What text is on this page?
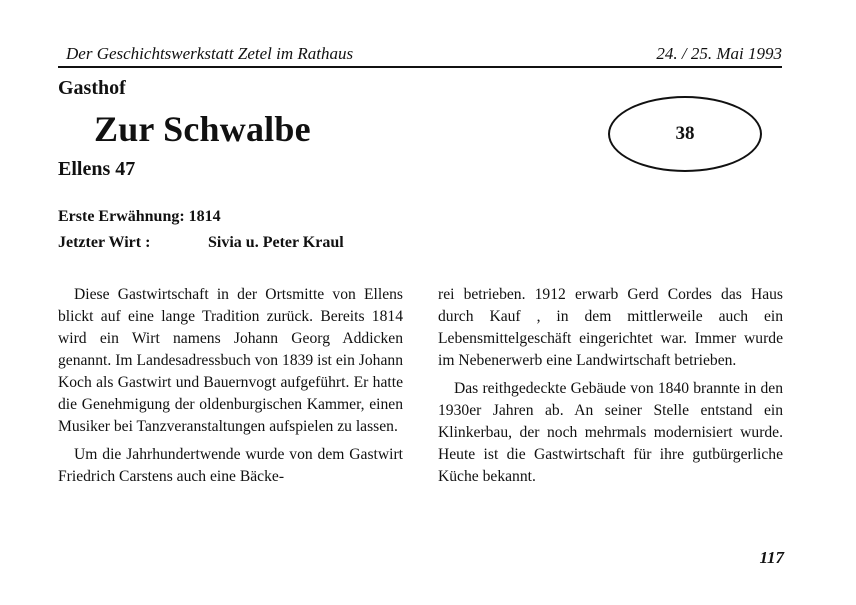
Der Geschichtswerkstatt Zetel im Rathaus	24. / 25. Mai 1993
Gasthof
Zur Schwalbe
Ellens 47
38
Erste Erwähnung: 1814
Jetzter Wirt :	Sivia u. Peter Kraul

Diese Gastwirtschaft in der Ortsmitte von Ellens blickt auf eine lange Tradition zurück. Bereits 1814 wird ein Wirt namens Johann Georg Addicken genannt. Im Landesadressbuch von 1839 ist ein Johann Koch als Gastwirt und Bauernvogt aufgeführt. Er hatte die Genehmigung der oldenburgischen Kammer, einen Musiker bei Tanzveranstaltungen aufspielen zu lassen.

Um die Jahrhundertwende wurde von dem Gastwirt Friedrich Carstens auch eine Bäcke-

rei betrieben. 1912 erwarb Gerd Cordes das Haus durch Kauf , in dem mittlerweile auch ein Lebensmittelgeschäft eingerichtet war. Immer wurde im Nebenerwerb eine Landwirtschaft betrieben.

Das reithgedeckte Gebäude von 1840 brannte in den 1930er Jahren ab. An seiner Stelle entstand ein Klinkerbau, der noch mehrmals modernisiert wurde. Heute ist die Gastwirtschaft für ihre gutbürgerliche Küche bekannt.

117
